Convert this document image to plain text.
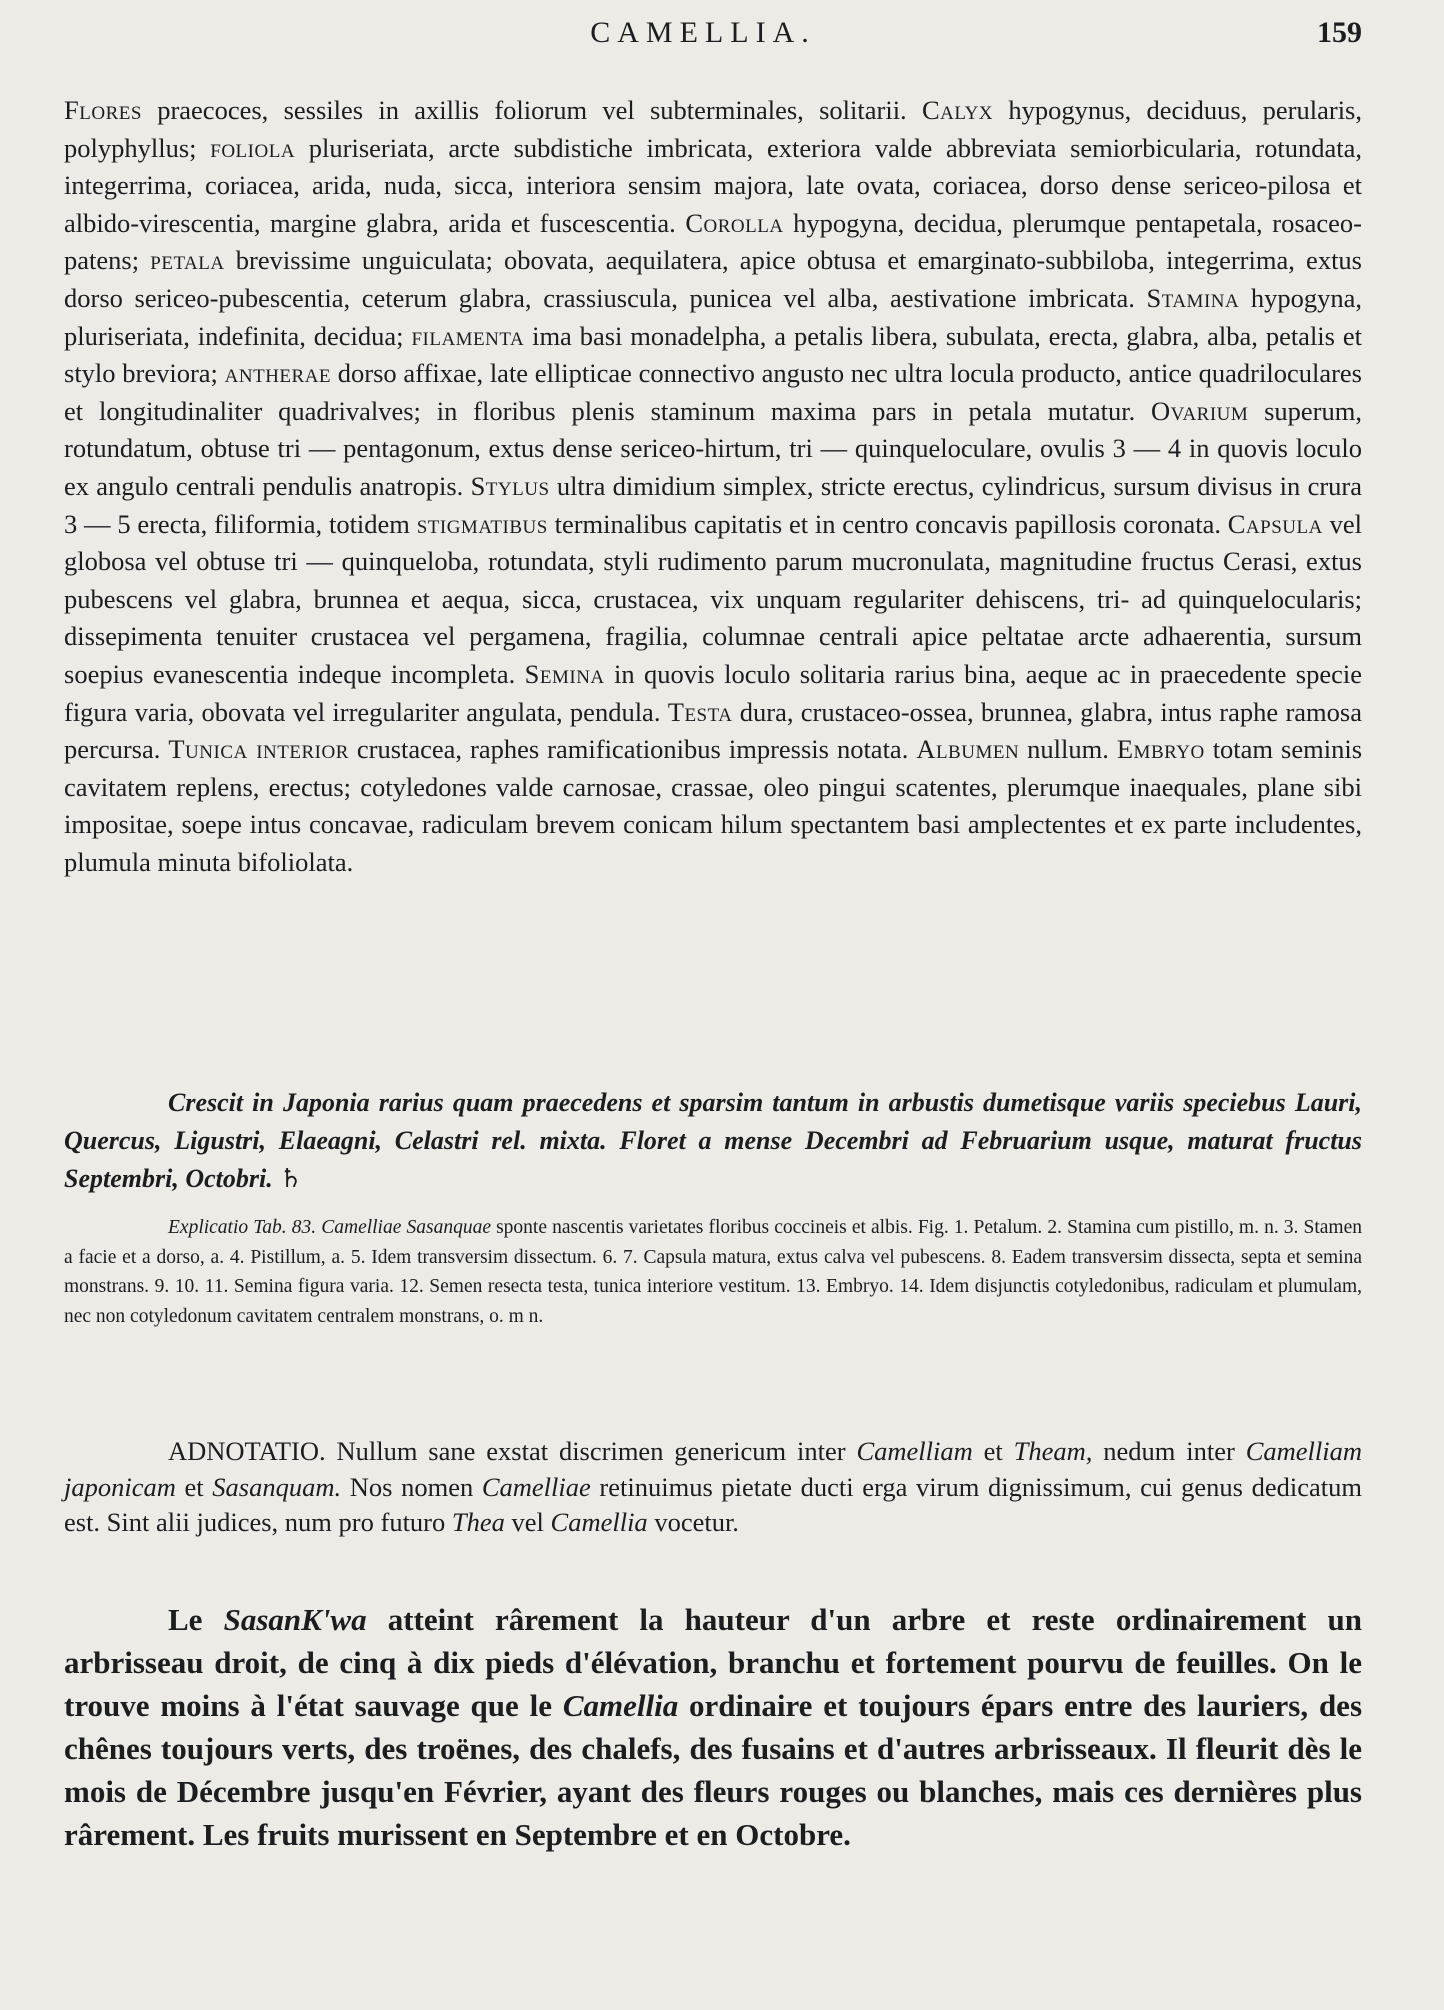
CAMELLIA.	159

Flores praecoces, sessiles in axillis foliorum vel subterminales, solitarii. Calyx hypogynus, deciduus, perularis, polyphyllus; foliola pluriseriata, arcte subdistiche imbricata, exteriora valde abbreviata semiorbicularia, rotundata, integerrima, coriacea, arida, nuda, sicca, interiora sensim majora, late ovata, coriacea, dorso dense sericeo-pilosa et albido-virescentia, margine glabra, arida et fuscescentia. Corolla hypogyna, decidua, plerumque pentapetala, rosaceo-patens; petala brevissime unguiculata; obovata, aequilatera, apice obtusa et emarginato-subbiloba, integerrima, extus dorso sericeo-pubescentia, ceterum glabra, crassiuscula, punicea vel alba, aestivatione imbricata. Stamina hypogyna, pluriseriata, indefinita, decidua; filamenta ima basi monadelpha, a petalis libera, subulata, erecta, glabra, alba, petalis et stylo breviora; antherae dorso affixae, late ellipticae connectivo angusto nec ultra locula producto, antice quadriloculares et longitudinaliter quadrivalves; in floribus plenis staminum maxima pars in petala mutatur. Ovarium superum, rotundatum, obtuse tri — pentagonum, extus dense sericeo-hirtum, tri — quinqueloculare, ovulis 3 — 4 in quovis loculo ex angulo centrali pendulis anatropis. Stylus ultra dimidium simplex, stricte erectus, cylindricus, sursum divisus in crura 3 — 5 erecta, filiformia, totidem stigmatibus terminalibus capitatis et in centro concavis papillosis coronata. Capsula vel globosa vel obtuse tri — quinqueloba, rotundata, styli rudimento parum mucronulata, magnitudine fructus Cerasi, extus pubescens vel glabra, brunnea et aequa, sicca, crustacea, vix unquam regulariter dehiscens, tri- ad quinquelocularis; dissepimenta tenuiter crustacea vel pergamena, fragilia, columnae centrali apice peltatae arcte adhaerentia, sursum soepius evanescentia indeque incompleta. Semina in quovis loculo solitaria rarius bina, aeque ac in praecedente specie figura varia, obovata vel irregulariter angulata, pendula. Testa dura, crustaceo-ossea, brunnea, glabra, intus raphe ramosa percursa. Tunica interior crustacea, raphes ramificationibus impressis notata. Albumen nullum. Embryo totam seminis cavitatem replens, erectus; cotyledones valde carnosae, crassae, oleo pingui scatentes, plerumque inaequales, plane sibi impositae, soepe intus concavae, radiculam brevem conicam hilum spectantem basi amplectentes et ex parte includentes, plumula minuta bifoliolata.

Crescit in Japonia rarius quam praecedens et sparsim tantum in arbustis dumetisque variis speciebus Lauri, Quercus, Ligustri, Elaeagni, Celastri rel. mixta. Floret a mense Decembri ad Februarium usque, maturat fructus Septembri, Octobri. ♄
Explicatio Tab. 83. Camelliae Sasanquae sponte nascentis varietates floribus coccineis et albis. Fig. 1. Petalum. 2. Stamina cum pistillo, m. n. 3. Stamen a facie et a dorso, a. 4. Pistillum, a. 5. Idem transversim dissectum. 6. 7. Capsula matura, extus calva vel pubescens. 8. Eadem transversim dissecta, septa et semina monstrans. 9. 10. 11. Semina figura varia. 12. Semen resecta testa, tunica interiore vestitum. 13. Embryo. 14. Idem disjunctis cotyledonibus, radiculam et plumulam, nec non cotyledonum cavitatem centralem monstrans, o. m n.
ADNOTATIO. Nullum sane exstat discrimen genericum inter Camelliam et Theam, nedum inter Camelliam japonicam et Sasanquam. Nos nomen Camelliae retinuimus pietate ducti erga virum dignissimum, cui genus dedicatum est. Sint alii judices, num pro futuro Thea vel Camellia vocetur.
Le SasanK'wa atteint rârement la hauteur d'un arbre et reste ordinairement un arbrisseau droit, de cinq à dix pieds d'élévation, branchu et fortement pourvu de feuilles. On le trouve moins à l'état sauvage que le Camellia ordinaire et toujours épars entre des lauriers, des chênes toujours verts, des troënes, des chalefs, des fusains et d'autres arbrisseaux. Il fleurit dès le mois de Décembre jusqu'en Février, ayant des fleurs rouges ou blanches, mais ces dernières plus rârement. Les fruits murissent en Septembre et en Octobre.
